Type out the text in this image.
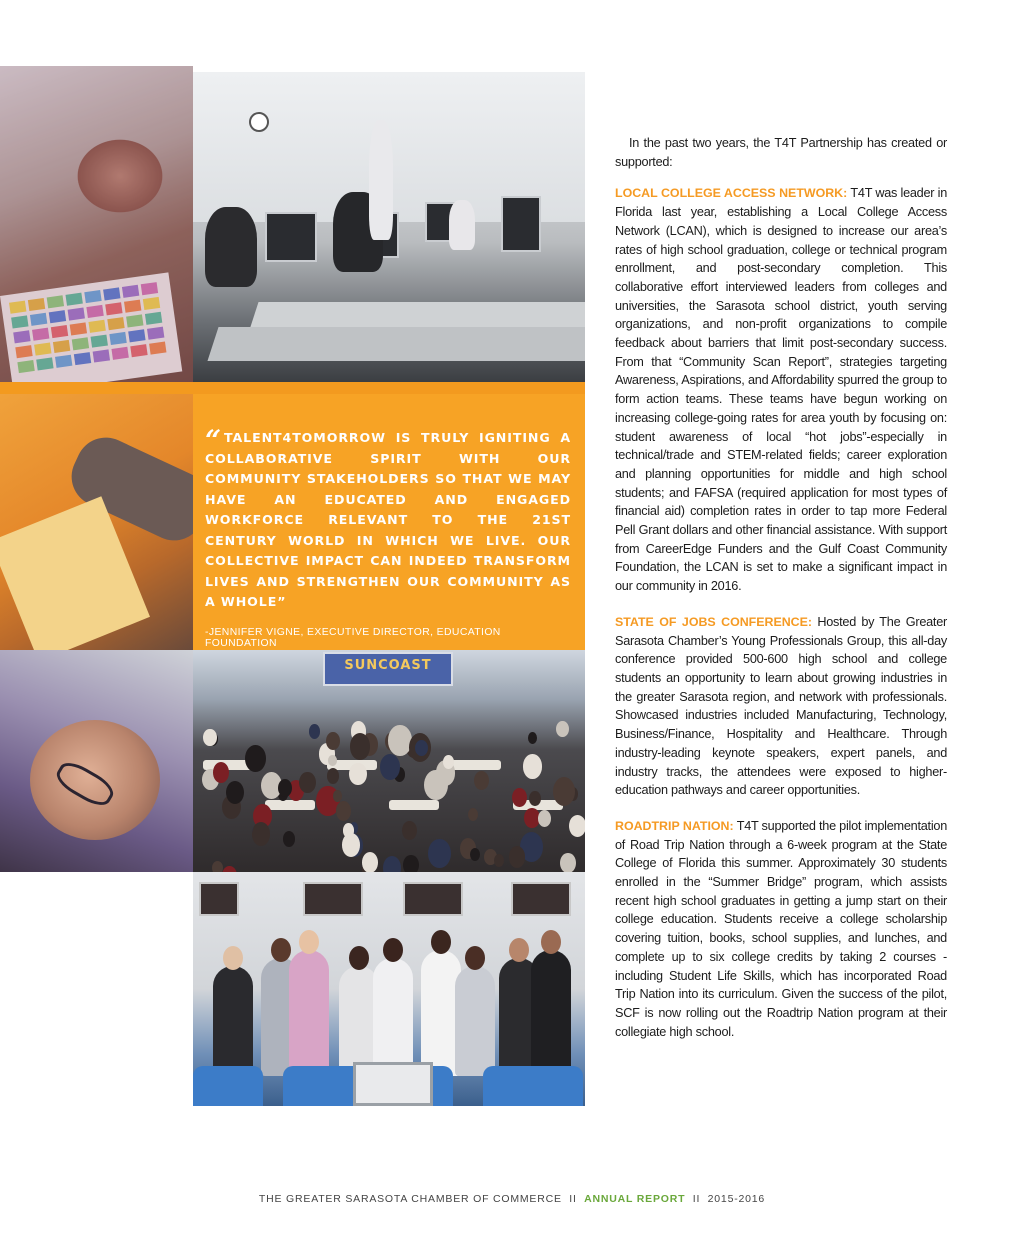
“ TALENT4TOMORROW IS TRULY IGNITING A COLLABORATIVE SPIRIT WITH OUR COMMUNITY STAKEHOLDERS SO THAT WE MAY HAVE AN EDUCATED AND ENGAGED WORKFORCE RELEVANT TO THE 21ST CENTURY WORLD IN WHICH WE LIVE. OUR COLLECTIVE IMPACT CAN INDEED TRANSFORM LIVES AND STRENGTHEN OUR COMMUNITY AS A WHOLE”
-JENNIFER VIGNE, EXECUTIVE DIRECTOR, EDUCATION FOUNDATION
SUNCOAST

In the past two years, the T4T Partnership has created or supported:

LOCAL COLLEGE ACCESS NETWORK: T4T was leader in Florida last year, establishing a Local College Access Network (LCAN), which is designed to increase our area’s rates of high school graduation, college or technical program enrollment, and post-secondary completion. This collaborative effort interviewed leaders from colleges and universities, the Sarasota school district, youth serving organizations, and non-profit organizations to compile feedback about barriers that limit post-secondary success. From that “Community Scan Report”, strategies targeting Awareness, Aspirations, and Affordability spurred the group to form action teams. These teams have begun working on increasing college-going rates for area youth by focusing on: student awareness of local “hot jobs”-especially in technical/trade and STEM-related fields; career exploration and planning opportunities for middle and high school students; and FAFSA (required application for most types of financial aid) completion rates in order to tap more Federal Pell Grant dollars and other financial assistance. With support from CareerEdge Funders and the Gulf Coast Community Foundation, the LCAN is set to make a significant impact in our community in 2016.

STATE OF JOBS CONFERENCE: Hosted by The Greater Sarasota Chamber’s Young Professionals Group, this all-day conference provided 500-600 high school and college students an opportunity to learn about growing industries in the greater Sarasota region, and network with professionals. Showcased industries included Manufacturing, Technology, Business/Finance, Hospitality and Healthcare. Through industry-leading keynote speakers, expert panels, and industry tracks, the attendees were exposed to higher-education pathways and career opportunities.

ROADTRIP NATION: T4T supported the pilot implementation of Road Trip Nation through a 6-week program at the State College of Florida this summer. Approximately 30 students enrolled in the “Summer Bridge” program, which assists recent high school graduates in getting a jump start on their college education. Students receive a college scholarship covering tuition, books, school supplies, and lunches, and complete up to six college credits by taking 2 courses - including Student Life Skills, which has incorporated Road Trip Nation into its curriculum. Given the success of the pilot, SCF is now rolling out the Roadtrip Nation program at their collegiate high school.

THE GREATER SARASOTA CHAMBER OF COMMERCE II ANNUAL REPORT II 2015-2016
